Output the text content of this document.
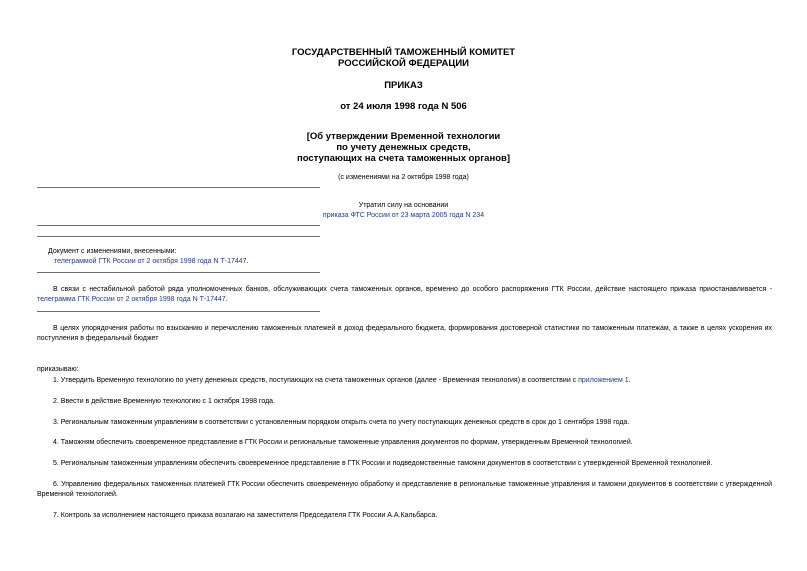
ГОСУДАРСТВЕННЫЙ ТАМОЖЕННЫЙ КОМИТЕТ
РОССИЙСКОЙ ФЕДЕРАЦИИ
ПРИКАЗ
от 24 июля 1998 года N 506
[Об утверждении Временной технологии
по учету денежных средств,
поступающих на счета таможенных органов]
(с изменениями на 2 октября 1998 года)
Утратил силу на основании
приказа ФТС России от 23 марта 2005 года N 234
Документ с изменениями, внесенными:
телеграммой ГТК России от 2 октября 1998 года N Т-17447.
В связи с нестабильной работой ряда уполномоченных банков, обслуживающих счета таможенных органов, временно до особого распоряжения ГТК России, действие настоящего приказа приостанавливается - телеграмма ГТК России от 2 октября 1998 года N Т-17447.
В целях упорядочения работы по взысканию и перечислению таможенных платежей в доход федерального бюджета, формирования достоверной статистики по таможенным платежам, а также в целях ускорения их поступления в федеральный бюджет
приказываю:
1. Утвердить Временную технологию по учету денежных средств, поступающих на счета таможенных органов (далее - Временная технология) в соответствии с приложением 1.
2. Ввести в действие Временную технологию с 1 октября 1998 года.
3. Региональным таможенным управлениям в соответствии с установленным порядком открыть счета по учету поступающих денежных средств в срок до 1 сентября 1998 года.
4. Таможням обеспечить своевременное представление в ГТК России и региональные таможенные управления документов по формам, утвержденным Временной технологией.
5. Региональным таможенным управлениям обеспечить своевременное представление в ГТК России и подведомственные таможни документов в соответствии с утвержденной Временной технологией.
6. Управлению федеральных таможенных платежей ГТК России обеспечить своевременную обработку и представление в региональные таможенные управления и таможни документов в соответствии с утвержденной Временной технологией.
7. Контроль за исполнением настоящего приказа возлагаю на заместителя Председателя ГТК России А.А.Кальбарса.
